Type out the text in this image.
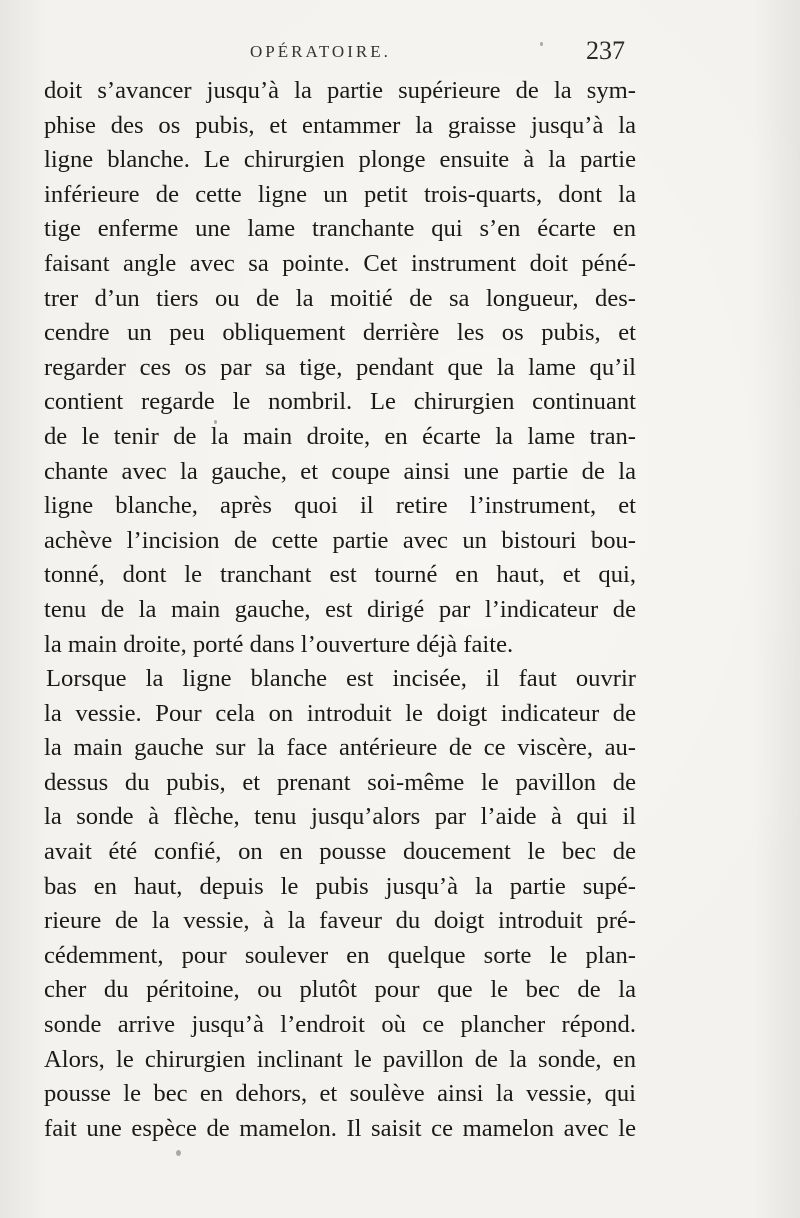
OPÉRATOIRE.	237
doit s’avancer jusqu’à la partie supérieure de la sym-
phise des os pubis, et entammer la graisse jusqu’à la
ligne blanche. Le chirurgien plonge ensuite à la partie
inférieure de cette ligne un petit trois-quarts, dont la
tige enferme une lame tranchante qui s’en écarte en
faisant angle avec sa pointe. Cet instrument doit péné-
trer d’un tiers ou de la moitié de sa longueur, des-
cendre un peu obliquement derrière les os pubis, et
regarder ces os par sa tige, pendant que la lame qu’il
contient regarde le nombril. Le chirurgien continuant
de le tenir de la main droite, en écarte la lame tran-
chante avec la gauche, et coupe ainsi une partie de la
ligne blanche, après quoi il retire l’instrument, et
achève l’incision de cette partie avec un bistouri bou-
tonné, dont le tranchant est tourné en haut, et qui,
tenu de la main gauche, est dirigé par l’indicateur de
la main droite, porté dans l’ouverture déjà faite.
Lorsque la ligne blanche est incisée, il faut ouvrir
la vessie. Pour cela on introduit le doigt indicateur de
la main gauche sur la face antérieure de ce viscère, au-
dessus du pubis, et prenant soi-même le pavillon de
la sonde à flèche, tenu jusqu’alors par l’aide à qui il
avait été confié, on en pousse doucement le bec de
bas en haut, depuis le pubis jusqu’à la partie supé-
rieure de la vessie, à la faveur du doigt introduit pré-
cédemment, pour soulever en quelque sorte le plan-
cher du péritoine, ou plutôt pour que le bec de la
sonde arrive jusqu’à l’endroit où ce plancher répond.
Alors, le chirurgien inclinant le pavillon de la sonde, en
pousse le bec en dehors, et soulève ainsi la vessie, qui
fait une espèce de mamelon. Il saisit ce mamelon avec le
